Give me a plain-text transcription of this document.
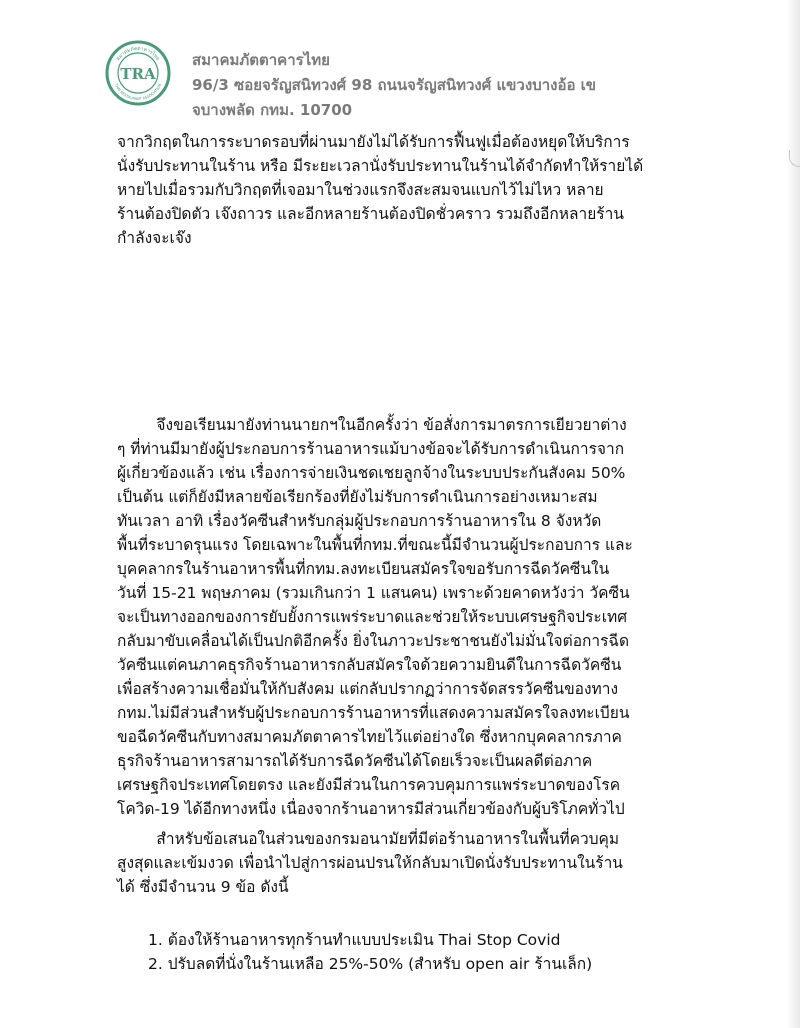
สมาคมภัตตาคารไทย
THAI RESTAURANT ASSOCIATION
TRA
สมาคมภัตตาคารไทย
96/3 ซอยจรัญสนิทวงศ์ 98 ถนนจรัญสนิทวงศ์ แขวงบางอ้อ เข
จบางพลัด กทม. 10700
จากวิกฤตในการระบาดรอบที่ผ่านมายังไม่ได้รับการฟื้นฟูเมื่อต้องหยุดให้บริการ
นั่งรับประทานในร้าน หรือ มีระยะเวลานั่งรับประทานในร้านได้จำกัดทำให้รายได้
หายไปเมื่อรวมกับวิกฤตที่เจอมาในช่วงแรกจึงสะสมจนแบกไว้ไม่ไหว หลาย
ร้านต้องปิดตัว เจ๊งถาวร และอีกหลายร้านต้องปิดชั่วคราว รวมถึงอีกหลายร้าน
กำลังจะเจ๊ง
จึงขอเรียนมายังท่านนายกฯในอีกครั้งว่า ข้อสั่งการมาตรการเยียวยาต่าง
ๆ ที่ท่านมีมายังผู้ประกอบการร้านอาหารแม้บางข้อจะได้รับการดำเนินการจาก
ผู้เกี่ยวข้องแล้ว เช่น เรื่องการจ่ายเงินชดเชยลูกจ้างในระบบประกันสังคม 50%
เป็นต้น แต่ก็ยังมีหลายข้อเรียกร้องที่ยังไม่รับการดำเนินการอย่างเหมาะสม
ทันเวลา อาทิ เรื่องวัคซีนสำหรับกลุ่มผู้ประกอบการร้านอาหารใน 8 จังหวัด
พื้นที่ระบาดรุนแรง โดยเฉพาะในพื้นที่กทม.ที่ขณะนี้มีจำนวนผู้ประกอบการ และ
บุคคลากรในร้านอาหารพื้นที่กทม.ลงทะเบียนสมัครใจขอรับการฉีดวัคซีนใน
วันที่ 15-21 พฤษภาคม (รวมเกินกว่า 1 แสนคน) เพราะด้วยคาดหวังว่า วัคซีน
จะเป็นทางออกของการยับยั้งการแพร่ระบาดและช่วยให้ระบบเศรษฐกิจประเทศ
กลับมาขับเคลื่อนได้เป็นปกติอีกครั้ง ยิ่งในภาวะประชาชนยังไม่มั่นใจต่อการฉีด
วัคซีนแต่คนภาคธุรกิจร้านอาหารกลับสมัครใจด้วยความยินดีในการฉีดวัคซีน
เพื่อสร้างความเชื่อมั่นให้กับสังคม แต่กลับปรากฏว่าการจัดสรรวัคซีนของทาง
กทม.ไม่มีส่วนสำหรับผู้ประกอบการร้านอาหารที่แสดงความสมัครใจลงทะเบียน
ขอฉีดวัคซีนกับทางสมาคมภัตตาคารไทยไว้แต่อย่างใด ซึ่งหากบุคคลากรภาค
ธุรกิจร้านอาหารสามารถได้รับการฉีดวัคซีนได้โดยเร็วจะเป็นผลดีต่อภาค
เศรษฐกิจประเทศโดยตรง และยังมีส่วนในการควบคุมการแพร่ระบาดของโรค
โควิด-19 ได้อีกทางหนึ่ง เนื่องจากร้านอาหารมีส่วนเกี่ยวข้องกับผู้บริโภคทั่วไป
สำหรับข้อเสนอในส่วนของกรมอนามัยที่มีต่อร้านอาหารในพื้นที่ควบคุม
สูงสุดและเข้มงวด เพื่อนำไปสู่การผ่อนปรนให้กลับมาเปิดนั่งรับประทานในร้าน
ได้ ซึ่งมีจำนวน 9 ข้อ ดังนี้
1. ต้องให้ร้านอาหารทุกร้านทำแบบประเมิน Thai Stop Covid
2. ปรับลดที่นั่งในร้านเหลือ 25%-50% (สำหรับ open air ร้านเล็ก)
